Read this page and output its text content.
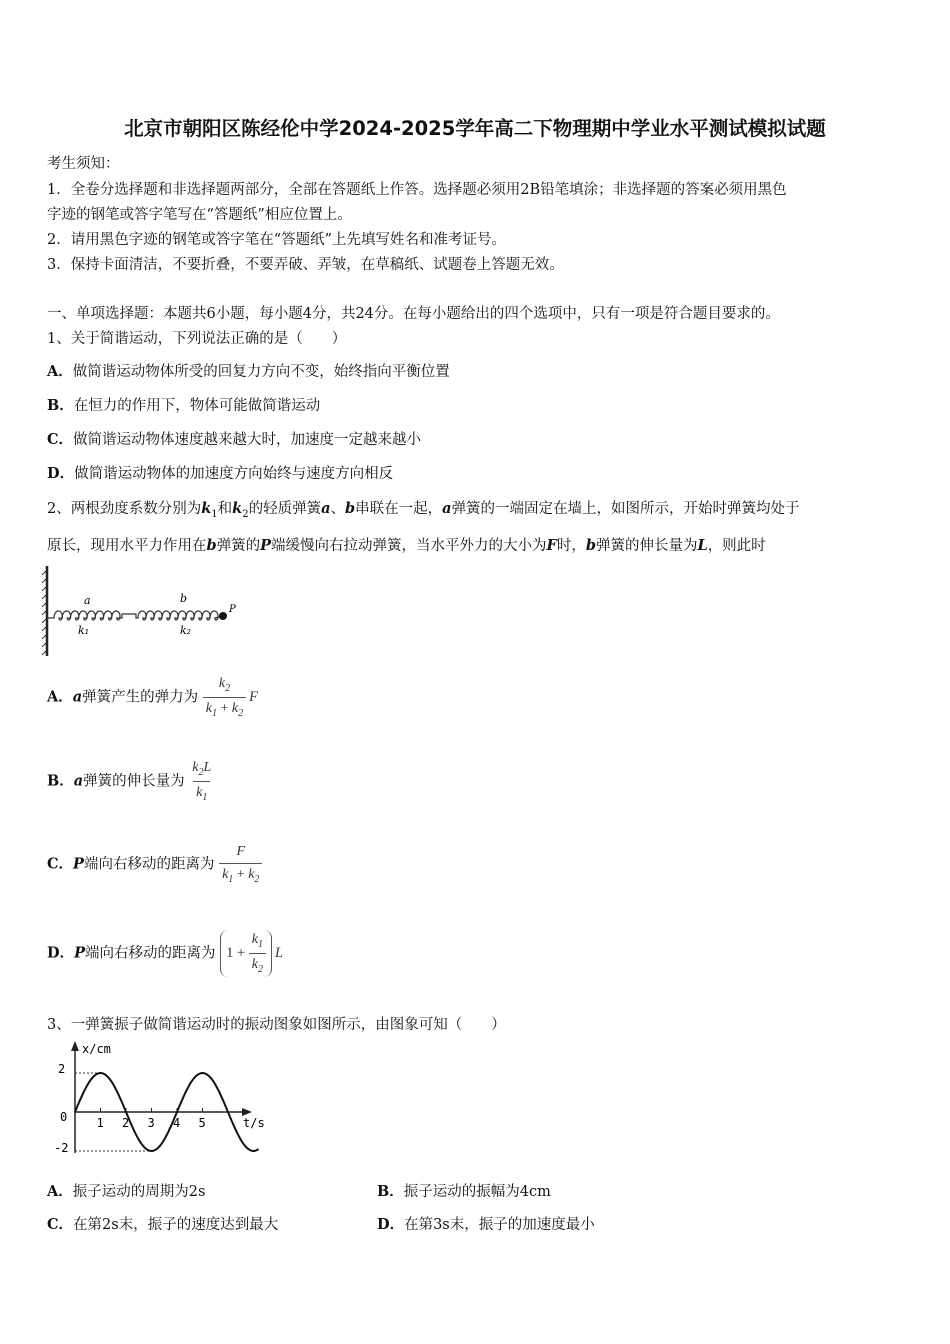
北京市朝阳区陈经伦中学2024-2025学年高二下物理期中学业水平测试模拟试题
考生须知：
1．全卷分选择题和非选择题两部分，全部在答题纸上作答。选择题必须用2B铅笔填涂；非选择题的答案必须用黑色
字迹的钢笔或答字笔写在“答题纸”相应位置上。
2．请用黑色字迹的钢笔或答字笔在“答题纸”上先填写姓名和准考证号。
3．保持卡面清洁，不要折叠，不要弄破、弄皱，在草稿纸、试题卷上答题无效。
一、单项选择题：本题共6小题，每小题4分，共24分。在每小题给出的四个选项中，只有一项是符合题目要求的。
1、关于简谐运动，下列说法正确的是（　　）
A．做简谐运动物体所受的回复力方向不变，始终指向平衡位置
B．在恒力的作用下，物体可能做简谐运动
C．做简谐运动物体速度越来越大时，加速度一定越来越小
D．做简谐运动物体的加速度方向始终与速度方向相反
2、两根劲度系数分别为$k_1$和$k_2$的轻质弹簧a、b串联在一起，a弹簧的一端固定在墙上，如图所示，开始时弹簧均处于
原长，现用水平力作用在b弹簧的P端缓慢向右拉动弹簧，当水平外力的大小为F时，b弹簧的伸长量为L，则此时
a	b
k₁	k₂
P
A．a弹簧产生的弹力为 $\frac{k_2}{k_1 + k_2}$ F
B．a弹簧的伸长量为 $\frac{k_2L}{k_1}$
C．P端向右移动的距离为 $\frac{F}{k_1 + k_2}$
D．P端向右移动的距离为 1 +
$\frac{k_1}{k_2}$ L
3、一弹簧振子做简谐运动时的振动图象如图所示，由图象可知（　　）
x/cm
t/s
2
0
-2
1 2 3 4 5
A．振子运动的周期为2s	B．振子运动的振幅为4cm
C．在第2s末，振子的速度达到最大	D．在第3s末，振子的加速度最小
